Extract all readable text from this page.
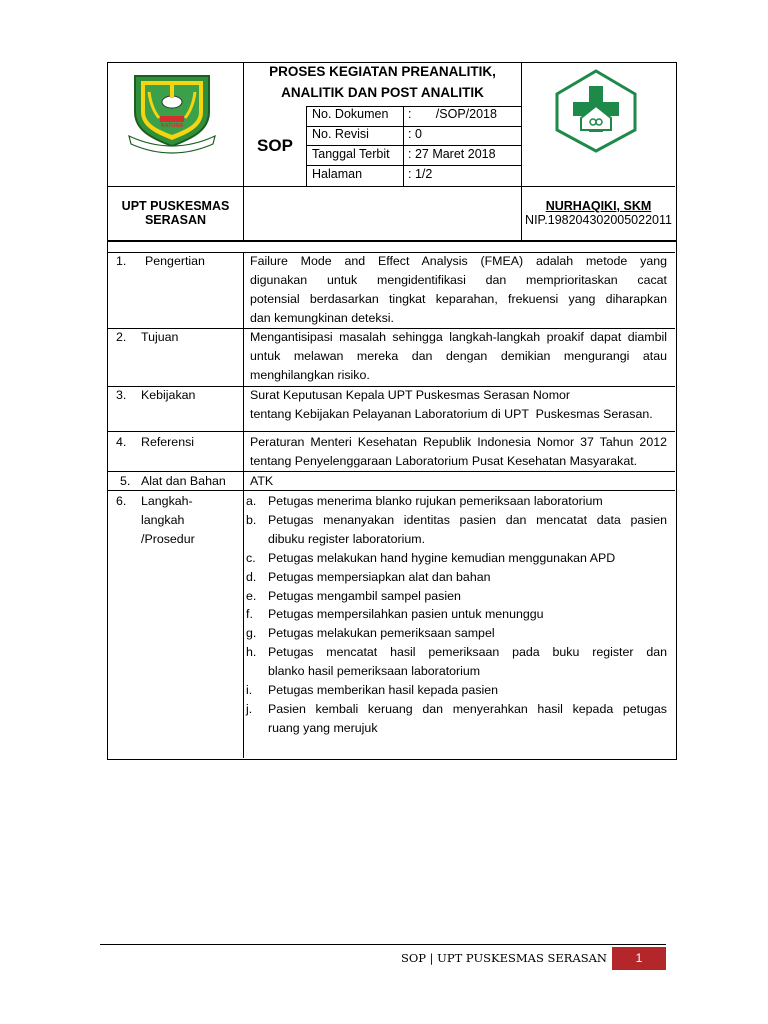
NATUNA
PROSES KEGIATAN PREANALITIK,
ANALITIK DAN POST ANALITIK
SOP
No. Dokumen :       /SOP/2018
No. Revisi	: 0
Tanggal Terbit : 27 Maret 2018
Halaman	: 1/2
UPT PUSKESMAS
SERASAN
NURHAQIKI, SKM
NIP.198204302005022011
1. Pengertian	Failure Mode and Effect Analysis (FMEA) adalah metode yang
digunakan untuk mengidentifikasi dan memprioritaskan cacat
potensial berdasarkan tingkat keparahan, frekuensi yang diharapkan
dan kemungkinan deteksi.
2. Tujuan	Mengantisipasi masalah sehingga langkah-langkah proakif dapat diambil
untuk melawan mereka dan dengan demikian mengurangi atau
menghilangkan risiko.
3. Kebijakan	Surat Keputusan Kepala UPT Puskesmas Serasan Nomor
tentang Kebijakan Pelayanan Laboratorium di UPT  Puskesmas Serasan.
4. Referensi	Peraturan Menteri Kesehatan Republik Indonesia Nomor 37 Tahun 2012
tentang Penyelenggaraan Laboratorium Pusat Kesehatan Masyarakat.
5. Alat dan Bahan ATK
6. Langkah-
langkah
/Prosedur
a. Petugas menerima blanko rujukan pemeriksaan laboratorium
b. Petugas menanyakan identitas pasien dan mencatat data pasien
dibuku register laboratorium.
c. Petugas melakukan hand hygine kemudian menggunakan APD
d. Petugas mempersiapkan alat dan bahan
e. Petugas mengambil sampel pasien
f. Petugas mempersilahkan pasien untuk menunggu
g. Petugas melakukan pemeriksaan sampel
h. Petugas mencatat hasil pemeriksaan pada buku register dan
blanko hasil pemeriksaan laboratorium
i. Petugas memberikan hasil kepada pasien
j. Pasien kembali keruang dan menyerahkan hasil kepada petugas
ruang yang merujuk
SOP | UPT PUSKESMAS SERASAN	1
